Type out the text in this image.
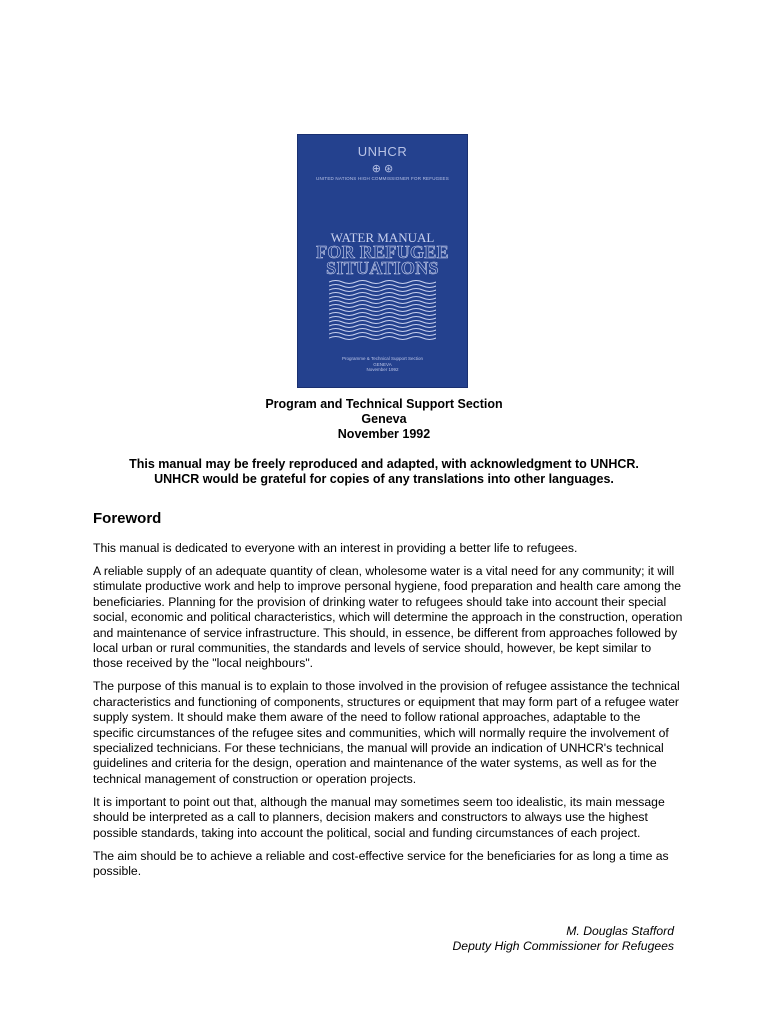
UNHCR
⊕ ⊛
UNITED NATIONS HIGH COMMISSIONER FOR REFUGEES
WATER MANUAL
FOR REFUGEE
SITUATIONS
Programme & Technical Support Section
GENEVA
November 1992
Program and Technical Support Section
Geneva
November 1992
This manual may be freely reproduced and adapted, with acknowledgment to UNHCR.
UNHCR would be grateful for copies of any translations into other languages.
Foreword

This manual is dedicated to everyone with an interest in providing a better life to refugees.

A reliable supply of an adequate quantity of clean, wholesome water is a vital need for any community; it will stimulate productive work and help to improve personal hygiene, food preparation and health care among the beneficiaries. Planning for the provision of drinking water to refugees should take into account their special social, economic and political characteristics, which will determine the approach in the construction, operation and maintenance of service infrastructure. This should, in essence, be different from approaches followed by local urban or rural communities, the standards and levels of service should, however, be kept similar to those received by the "local neighbours".

The purpose of this manual is to explain to those involved in the provision of refugee assistance the technical characteristics and functioning of components, structures or equipment that may form part of a refugee water supply system. It should make them aware of the need to follow rational approaches, adaptable to the specific circumstances of the refugee sites and communities, which will normally require the involvement of specialized technicians. For these technicians, the manual will provide an indication of UNHCR's technical guidelines and criteria for the design, operation and maintenance of the water systems, as well as for the technical management of construction or operation projects.

It is important to point out that, although the manual may sometimes seem too idealistic, its main message should be interpreted as a call to planners, decision makers and constructors to always use the highest possible standards, taking into account the political, social and funding circumstances of each project.

The aim should be to achieve a reliable and cost-effective service for the beneficiaries for as long a time as possible.

M. Douglas Stafford
Deputy High Commissioner for Refugees
